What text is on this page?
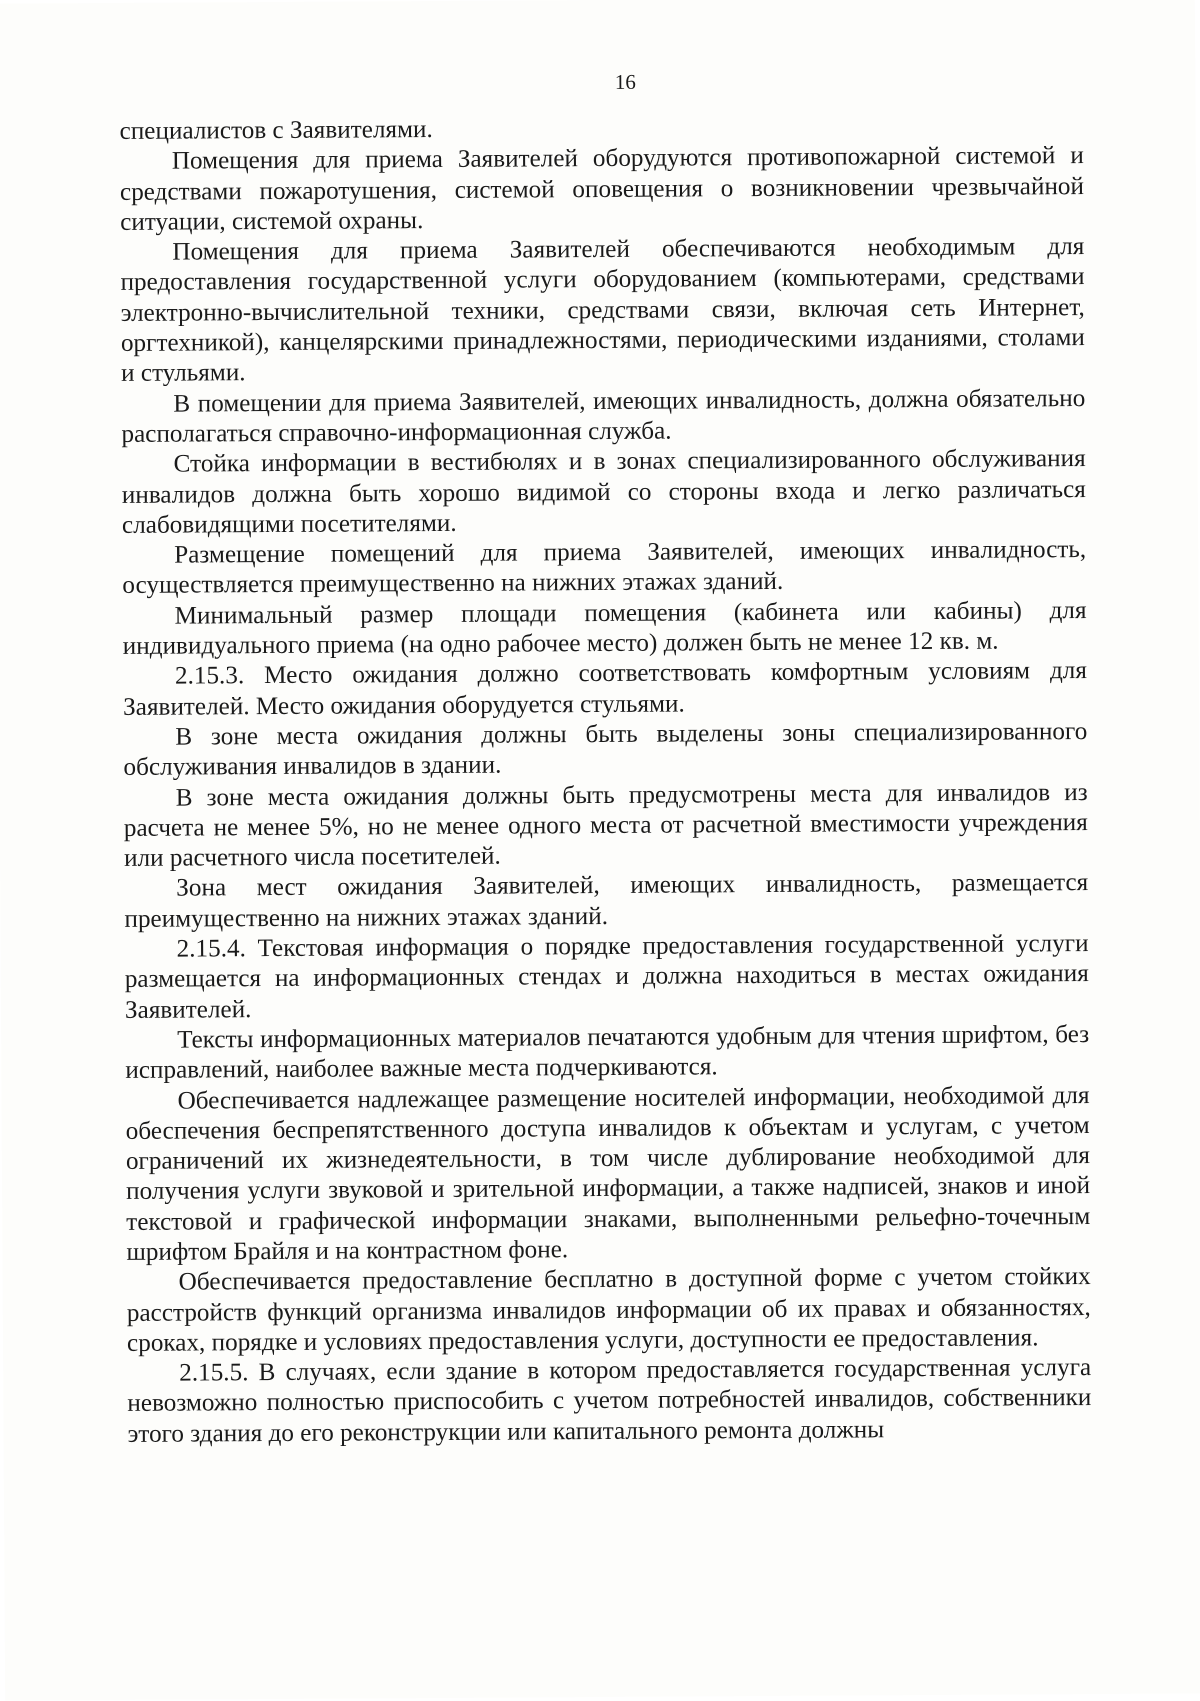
16

специалистов с Заявителями.

Помещения для приема Заявителей оборудуются противопожарной системой и средствами пожаротушения, системой оповещения о возникновении чрезвычайной ситуации, системой охраны.

Помещения для приема Заявителей обеспечиваются необходимым для предоставления государственной услуги оборудованием (компьютерами, средствами электронно-вычислительной техники, средствами связи, включая сеть Интернет, оргтехникой), канцелярскими принадлежностями, периодическими изданиями, столами и стульями.

В помещении для приема Заявителей, имеющих инвалидность, должна обязательно располагаться справочно-информационная служба.

Стойка информации в вестибюлях и в зонах специализированного обслуживания инвалидов должна быть хорошо видимой со стороны входа и легко различаться слабовидящими посетителями.

Размещение помещений для приема Заявителей, имеющих инвалидность, осуществляется преимущественно на нижних этажах зданий.

Минимальный размер площади помещения (кабинета или кабины) для индивидуального приема (на одно рабочее место) должен быть не менее 12 кв. м.

2.15.3. Место ожидания должно соответствовать комфортным условиям для Заявителей. Место ожидания оборудуется стульями.

В зоне места ожидания должны быть выделены зоны специализированного обслуживания инвалидов в здании.

В зоне места ожидания должны быть предусмотрены места для инвалидов из расчета не менее 5%, но не менее одного места от расчетной вместимости учреждения или расчетного числа посетителей.

Зона мест ожидания Заявителей, имеющих инвалидность, размещается преимущественно на нижних этажах зданий.

2.15.4. Текстовая информация о порядке предоставления государственной услуги размещается на информационных стендах и должна находиться в местах ожидания Заявителей.

Тексты информационных материалов печатаются удобным для чтения шрифтом, без исправлений, наиболее важные места подчеркиваются.

Обеспечивается надлежащее размещение носителей информации, необходимой для обеспечения беспрепятственного доступа инвалидов к объектам и услугам, с учетом ограничений их жизнедеятельности, в том числе дублирование необходимой для получения услуги звуковой и зрительной информации, а также надписей, знаков и иной текстовой и графической информации знаками, выполненными рельефно-точечным шрифтом Брайля и на контрастном фоне.

Обеспечивается предоставление бесплатно в доступной форме с учетом стойких расстройств функций организма инвалидов информации об их правах и обязанностях, сроках, порядке и условиях предоставления услуги, доступности ее предоставления.

2.15.5. В случаях, если здание в котором предоставляется государственная услуга невозможно полностью приспособить с учетом потребностей инвалидов, собственники этого здания до его реконструкции или капитального ремонта должны
